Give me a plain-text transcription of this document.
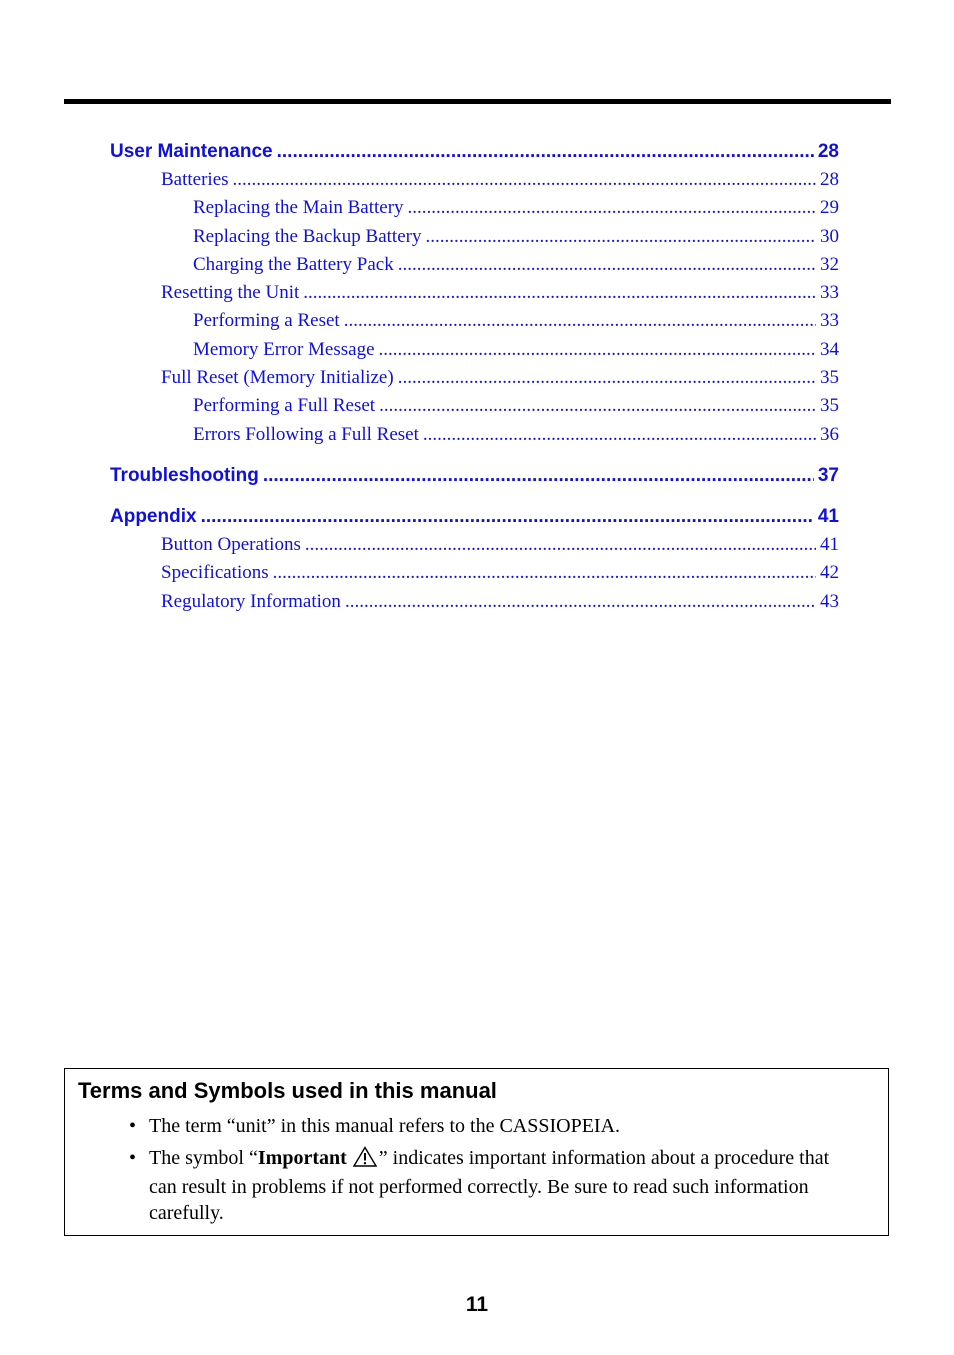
User Maintenance .....	28
Batteries .....	28
Replacing the Main Battery .....	29
Replacing the Backup Battery .....	30
Charging the Battery Pack .....	32
Resetting the Unit .....	33
Performing a Reset .....	33
Memory Error Message .....	34
Full Reset (Memory Initialize) .....	35
Performing a Full Reset .....	35
Errors Following a Full Reset .....	36
Troubleshooting .....	37
Appendix .....	41
Button Operations .....	41
Specifications .....	42
Regulatory Information .....	43
Terms and Symbols used in this manual
• The term “unit” in this manual refers to the CASSIOPEIA.
• The symbol “Important ” indicates important information about a procedure that can result in problems if not performed correctly. Be sure to read such information carefully.
11
